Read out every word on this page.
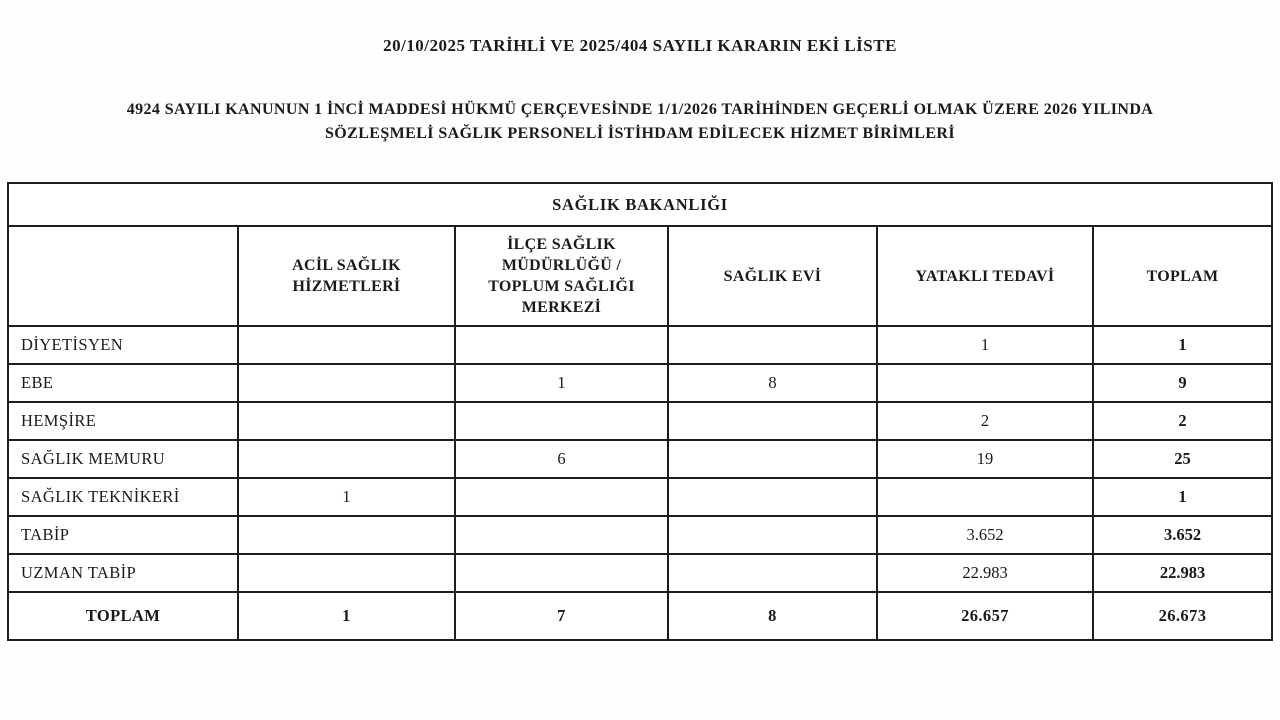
20/10/2025 TARİHLİ VE 2025/404 SAYILI KARARIN EKİ LİSTE
4924 SAYILI KANUNUN 1 İNCİ MADDESİ HÜKMÜ ÇERÇEVESİNDE 1/1/2026 TARİHİNDEN GEÇERLİ OLMAK ÜZERE 2026 YILINDA
SÖZLEŞMELİ SAĞLIK PERSONELİ İSTİHDAM EDİLECEK HİZMET BİRİMLERİ
SAĞLIK BAKANLIĞI					
	ACİL SAĞLIK HİZMETLERİ	İLÇE SAĞLIK MÜDÜRLÜĞÜ / TOPLUM SAĞLIĞI MERKEZİ	SAĞLIK EVİ	YATAKLI TEDAVİ	TOPLAM
DİYETİSYEN				1	1
EBE		1	8		9
HEMŞİRE				2	2
SAĞLIK MEMURU		6		19	25
SAĞLIK TEKNİKERİ	1				1
TABİP				3.652	3.652
UZMAN TABİP				22.983	22.983
TOPLAM	1	7	8	26.657	26.673
